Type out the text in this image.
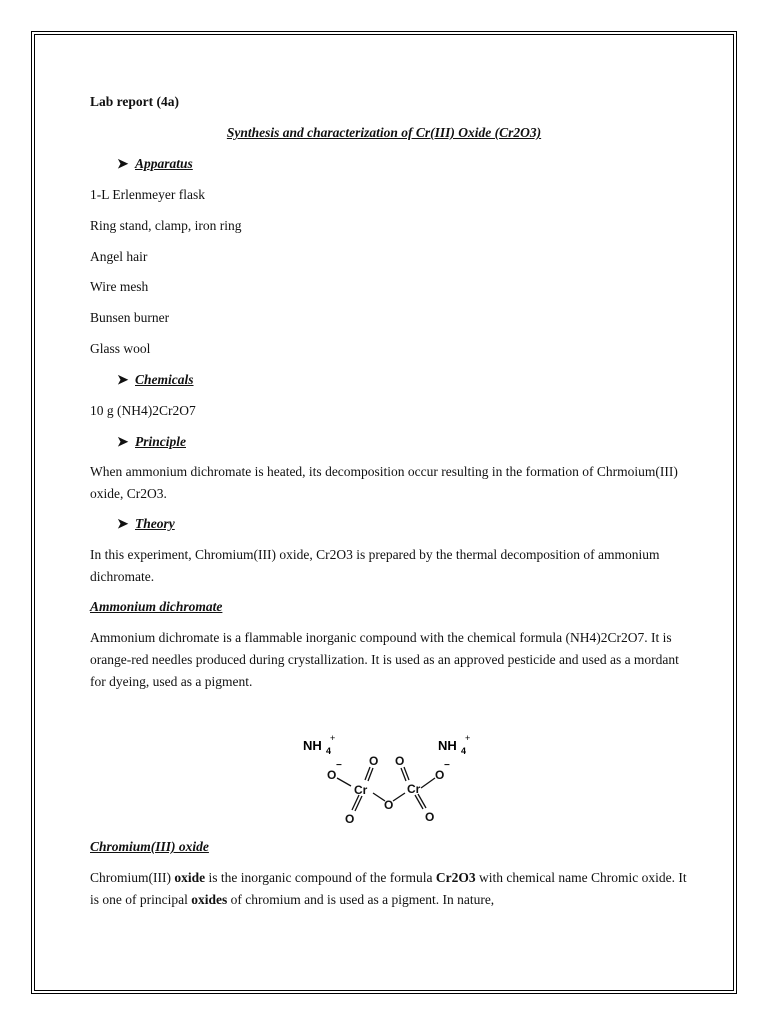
Lab report (4a)
Synthesis and characterization of Cr(III) Oxide (Cr2O3)
➤ Apparatus
1-L Erlenmeyer flask
Ring stand, clamp, iron ring
Angel hair
Wire mesh
Bunsen burner
Glass wool
➤ Chemicals
10 g (NH4)2Cr2O7
➤ Principle
When ammonium dichromate is heated, its decomposition occur resulting in the formation of Chrmoium(III) oxide, Cr2O3.
➤ Theory
In this experiment, Chromium(III) oxide, Cr2O3 is prepared by the thermal decomposition of ammonium dichromate.
Ammonium dichromate
Ammonium dichromate is a flammable inorganic compound with the chemical formula (NH4)2Cr2O7. It is orange-red needles produced during crystallization. It is used as an approved pesticide and used as a mordant for dyeing, used as a pigment.
NH 4
+	NH 4
+
O
− O
Cr
O
O
O
Cr
O
−
O
Chromium(III) oxide
Chromium(III) oxide is the inorganic compound of the formula Cr2O3 with chemical name Chromic oxide. It is one of principal oxides of chromium and is used as a pigment. In nature,
